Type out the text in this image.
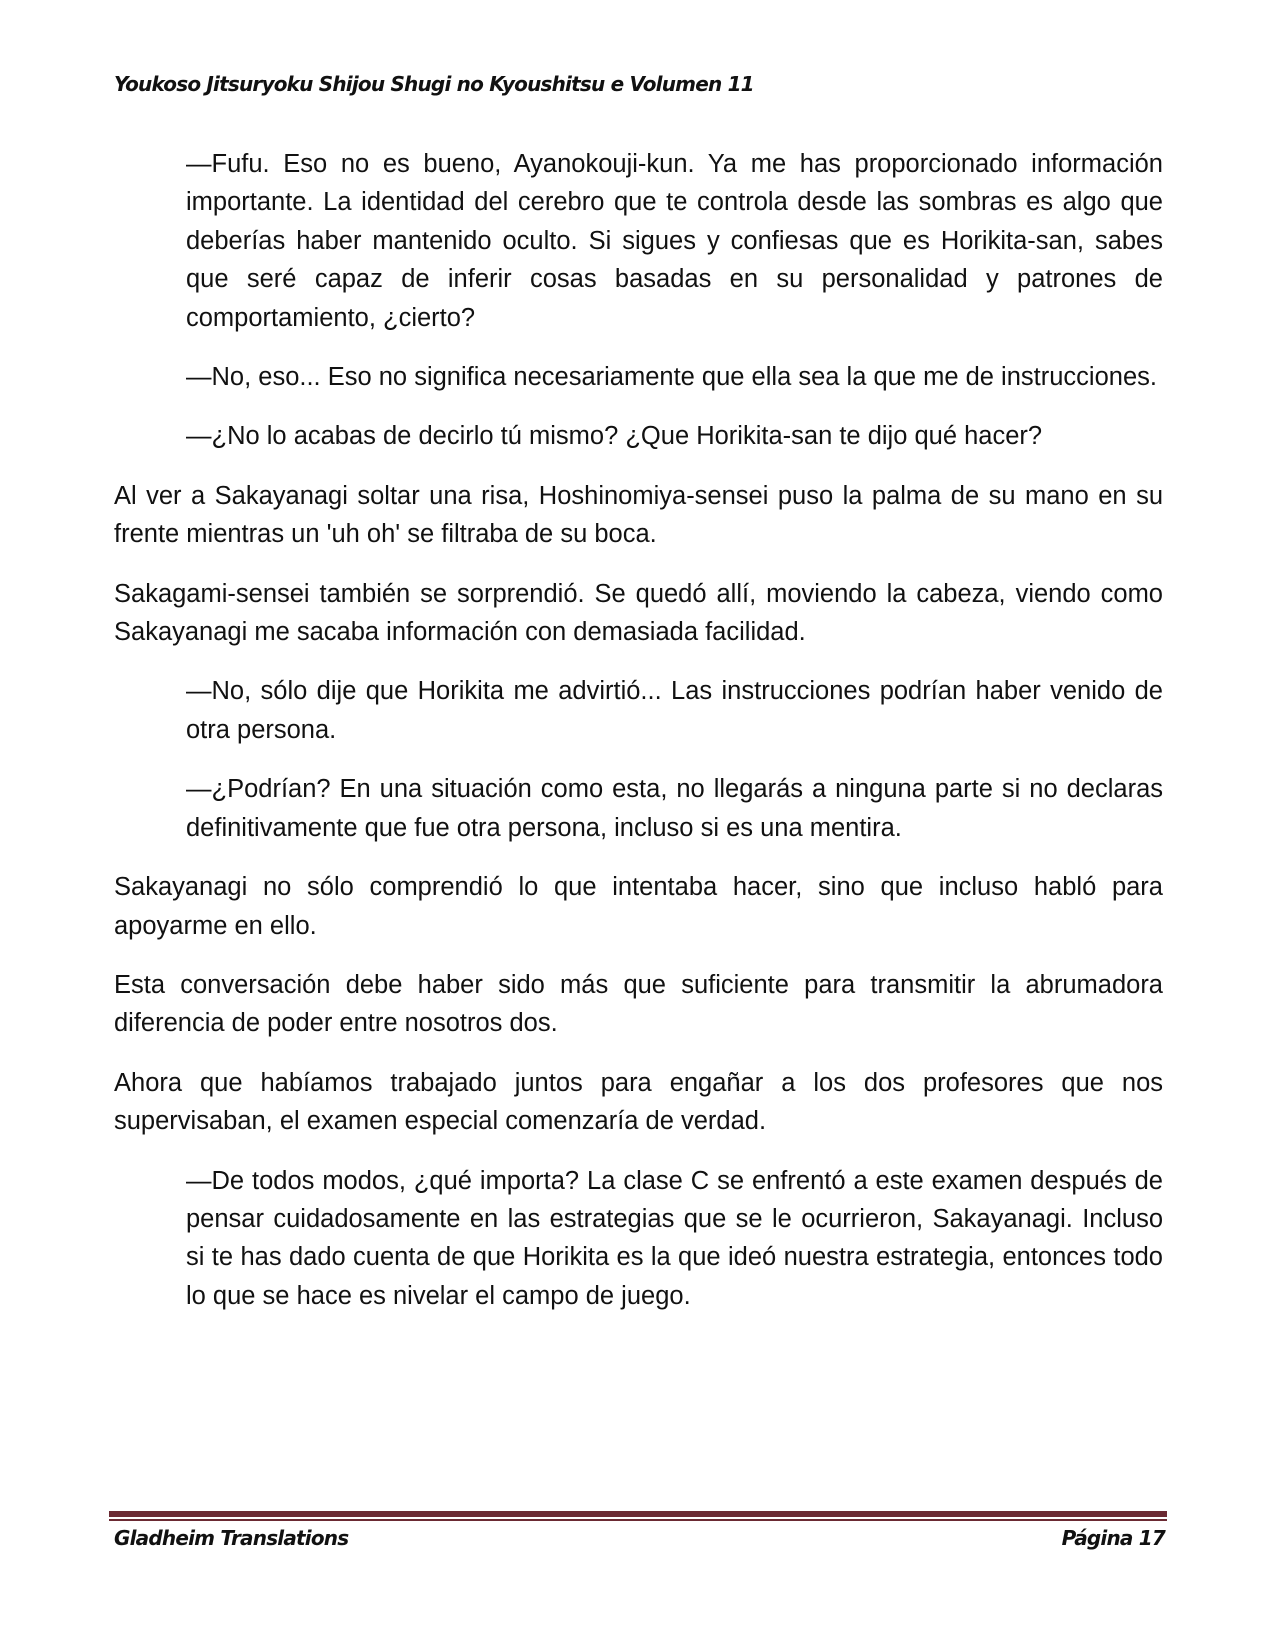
Youkoso Jitsuryoku Shijou Shugi no Kyoushitsu e Volumen 11

—Fufu. Eso no es bueno, Ayanokouji-kun. Ya me has proporcionado información importante. La identidad del cerebro que te controla desde las sombras es algo que deberías haber mantenido oculto. Si sigues y confiesas que es Horikita-san, sabes que seré capaz de inferir cosas basadas en su personalidad y patrones de comportamiento, ¿cierto?

—No, eso... Eso no significa necesariamente que ella sea la que me de instrucciones.

—¿No lo acabas de decirlo tú mismo? ¿Que Horikita-san te dijo qué hacer?

Al ver a Sakayanagi soltar una risa, Hoshinomiya-sensei puso la palma de su mano en su frente mientras un 'uh oh' se filtraba de su boca.

Sakagami-sensei también se sorprendió. Se quedó allí, moviendo la cabeza, viendo como Sakayanagi me sacaba información con demasiada facilidad.

—No, sólo dije que Horikita me advirtió... Las instrucciones podrían haber venido de otra persona.

—¿Podrían? En una situación como esta, no llegarás a ninguna parte si no declaras definitivamente que fue otra persona, incluso si es una mentira.

Sakayanagi no sólo comprendió lo que intentaba hacer, sino que incluso habló para apoyarme en ello.

Esta conversación debe haber sido más que suficiente para transmitir la abrumadora diferencia de poder entre nosotros dos.

Ahora que habíamos trabajado juntos para engañar a los dos profesores que nos supervisaban, el examen especial comenzaría de verdad.

—De todos modos, ¿qué importa? La clase C se enfrentó a este examen después de pensar cuidadosamente en las estrategias que se le ocurrieron, Sakayanagi. Incluso si te has dado cuenta de que Horikita es la que ideó nuestra estrategia, entonces todo lo que se hace es nivelar el campo de juego.

Gladheim Translations	Página 17
